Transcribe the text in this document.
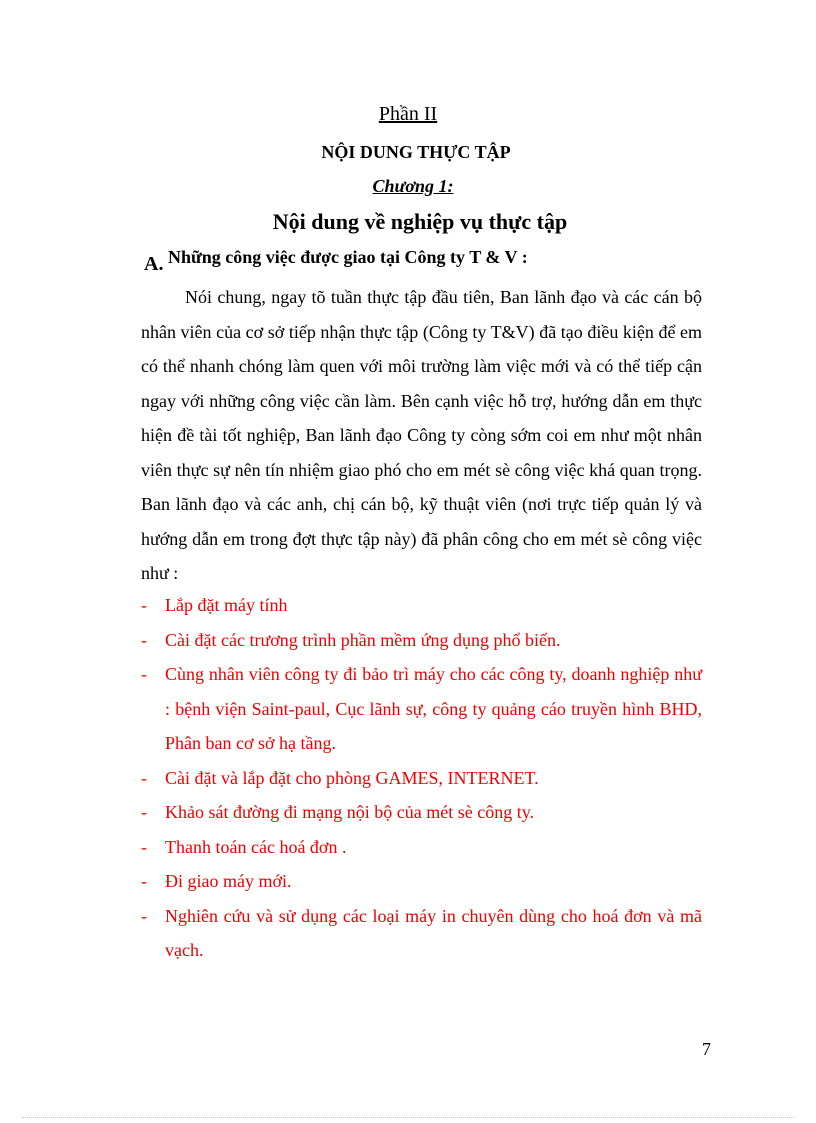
Phần II
NỘI DUNG THỰC TẬP
Chương 1:
Nội dung về nghiệp vụ thực tập
A. Những công việc được giao tại Công ty T & V :

Nói chung, ngay tõ tuần thực tập đầu tiên, Ban lãnh đạo và các cán bộ nhân viên của cơ sở tiếp nhận thực tập (Công ty T&V) đã tạo điều kiện để em có thể nhanh chóng làm quen với môi trường làm việc mới và có thể tiếp cận ngay với những công việc cần làm. Bên cạnh việc hỗ trợ, hướng dẫn em thực hiện đề tài tốt nghiệp, Ban lãnh đạo Công ty còng sớm coi em như một nhân viên thực sự nên tín nhiệm giao phó cho em mét sè công việc khá quan trọng. Ban lãnh đạo và các anh, chị cán bộ, kỹ thuật viên (nơi trực tiếp quản lý và hướng dẫn em trong đợt thực tập này) đã phân công cho em mét sè công việc như :

- Lắp đặt máy tính
- Cài đặt các trương trình phần mềm ứng dụng phổ biến.
- Cùng nhân viên công ty đi bảo trì máy cho các công ty, doanh nghiệp như : bệnh viện Saint-paul, Cục lãnh sự, công ty quảng cáo truyền hình BHD, Phân ban cơ sở hạ tầng.
- Cài đặt và lắp đặt cho phòng GAMES, INTERNET.
- Khảo sát đường đi mạng nội bộ của mét sè công ty.
- Thanh toán các hoá đơn .
- Đi giao máy mới.
- Nghiên cứu và sử dụng các loại máy in chuyên dùng cho hoá đơn và mã vạch.
7
